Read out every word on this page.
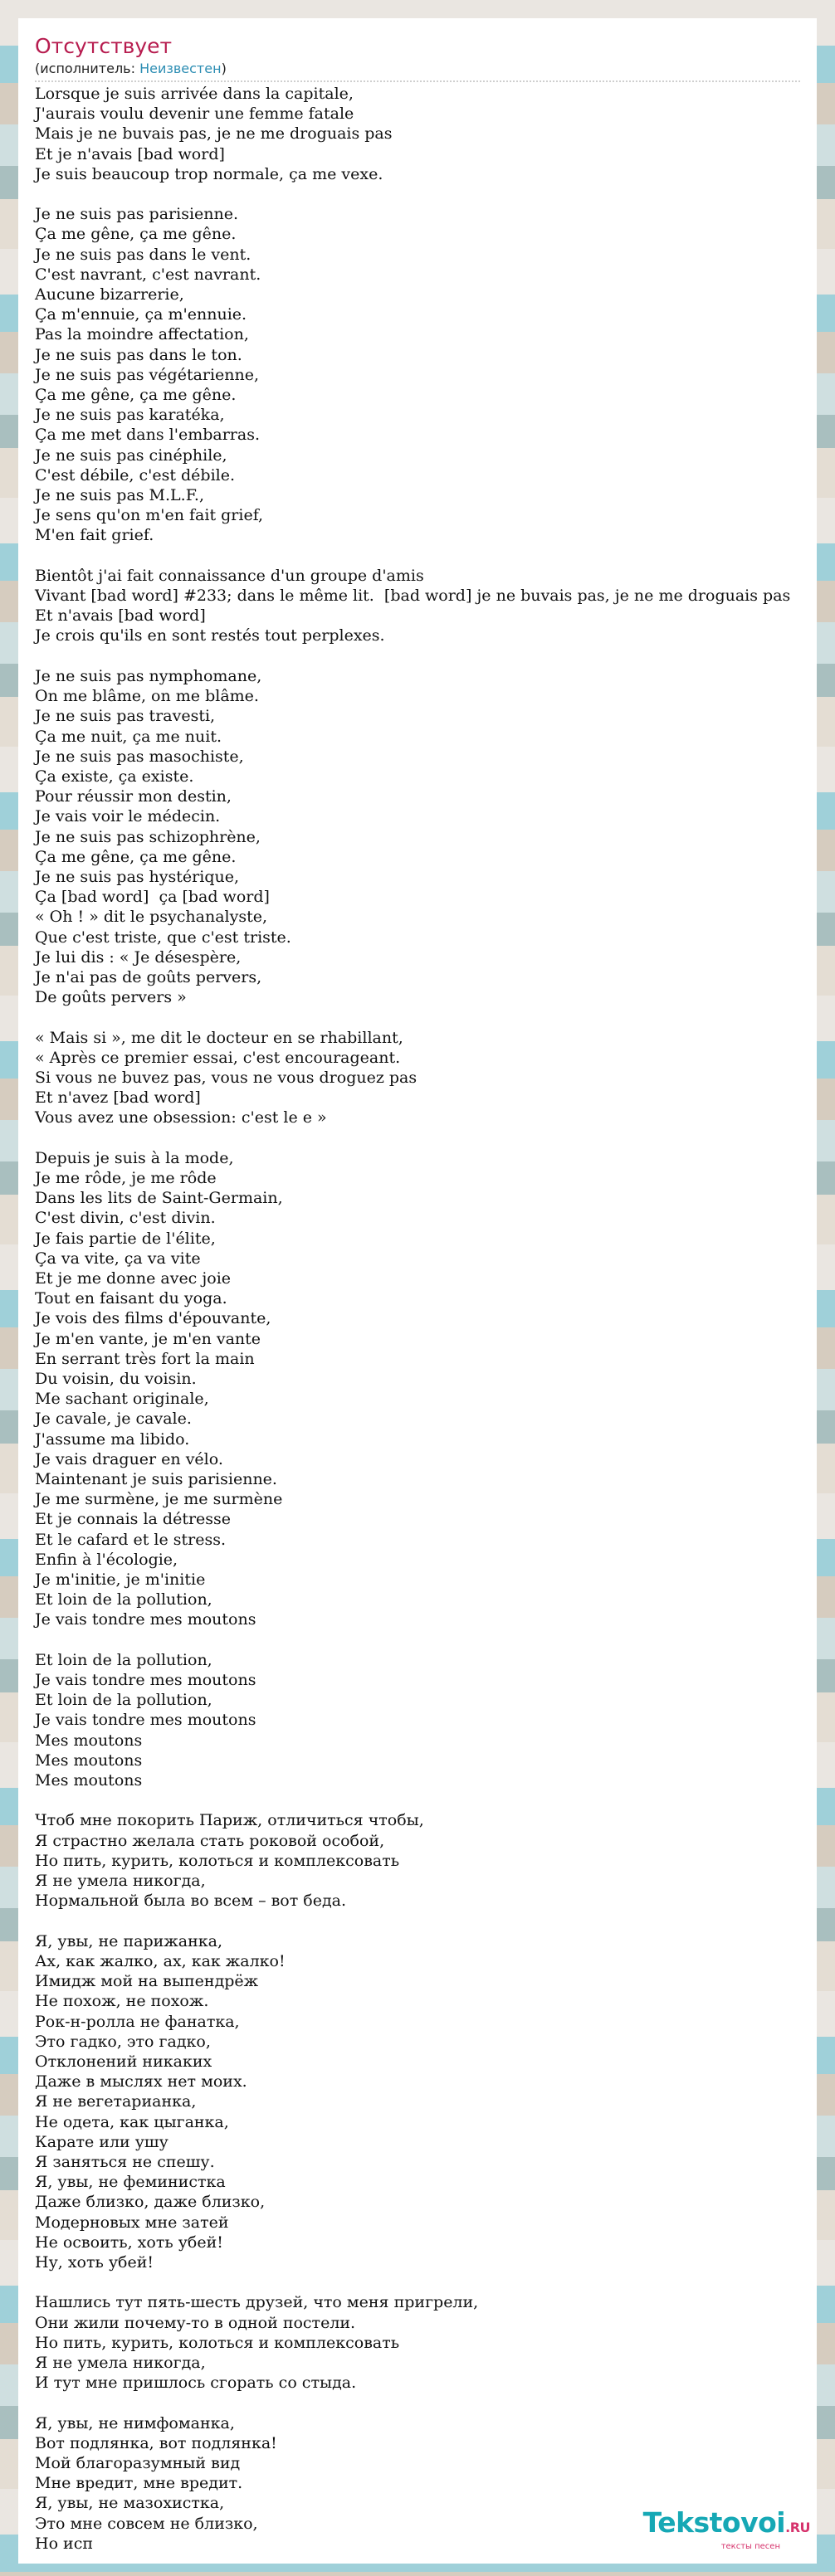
Отсутствует
(исполнитель: Неизвестен)
Lorsque je suis arrivée dans la capitale,
J'aurais voulu devenir une femme fatale
Mais je ne buvais pas, je ne me droguais pas
Et je n'avais [bad word]
Je suis beaucoup trop normale, ça me vexe.

Je ne suis pas parisienne.
Ça me gêne, ça me gêne.
Je ne suis pas dans le vent.
C'est navrant, c'est navrant.
Aucune bizarrerie,
Ça m'ennuie, ça m'ennuie.
Pas la moindre affectation,
Je ne suis pas dans le ton.
Je ne suis pas végétarienne,
Ça me gêne, ça me gêne.
Je ne suis pas karatéka,
Ça me met dans l'embarras.
Je ne suis pas cinéphile,
C'est débile, c'est débile.
Je ne suis pas M.L.F.,
Je sens qu'on m'en fait grief,
M'en fait grief.

Bientôt j'ai fait connaissance d'un groupe d'amis
Vivant [bad word] #233; dans le même lit.  [bad word] je ne buvais pas, je ne me droguais pas
Et n'avais [bad word]
Je crois qu'ils en sont restés tout perplexes.

Je ne suis pas nymphomane,
On me blâme, on me blâme.
Je ne suis pas travesti,
Ça me nuit, ça me nuit.
Je ne suis pas masochiste,
Ça existe, ça existe.
Pour réussir mon destin,
Je vais voir le médecin.
Je ne suis pas schizophrène,
Ça me gêne, ça me gêne.
Je ne suis pas hystérique,
Ça [bad word]  ça [bad word]
« Oh ! » dit le psychanalyste,
Que c'est triste, que c'est triste.
Je lui dis : « Je désespère,
Je n'ai pas de goûts pervers,
De goûts pervers »

« Mais si », me dit le docteur en se rhabillant,
« Après ce premier essai, c'est encourageant.
Si vous ne buvez pas, vous ne vous droguez pas
Et n'avez [bad word]
Vous avez une obsession: c'est le e »

Depuis je suis à la mode,
Je me rôde, je me rôde
Dans les lits de Saint-Germain,
C'est divin, c'est divin.
Je fais partie de l'élite,
Ça va vite, ça va vite
Et je me donne avec joie
Tout en faisant du yoga.
Je vois des films d'épouvante,
Je m'en vante, je m'en vante
En serrant très fort la main
Du voisin, du voisin.
Me sachant originale,
Je cavale, je cavale.
J'assume ma libido.
Je vais draguer en vélo.
Maintenant je suis parisienne.
Je me surmène, je me surmène
Et je connais la détresse
Et le cafard et le stress.
Enfin à l'écologie,
Je m'initie, je m'initie
Et loin de la pollution,
Je vais tondre mes moutons

Et loin de la pollution,
Je vais tondre mes moutons
Et loin de la pollution,
Je vais tondre mes moutons
Mes moutons
Mes moutons
Mes moutons

Чтоб мне покорить Париж, отличиться чтобы,
Я страстно желала стать роковой особой,
Но пить, курить, колоться и комплексовать
Я не умела никогда,
Нормальной была во всем – вот беда.

Я, увы, не парижанка,
Ах, как жалко, ах, как жалко!
Имидж мой на выпендрёж
Не похож, не похож.
Рок-н-ролла не фанатка,
Это гадко, это гадко,
Отклонений никаких
Даже в мыслях нет моих.
Я не вегетарианка,
Не одета, как цыганка,
Карате или ушу
Я заняться не спешу.
Я, увы, не феминистка
Даже близко, даже близко,
Модерновых мне затей
Не освоить, хоть убей!
Ну, хоть убей!

Нашлись тут пять-шесть друзей, что меня пригрели,
Они жили почему-то в одной постели.
Но пить, курить, колоться и комплексовать
Я не умела никогда,
И тут мне пришлось сгорать со стыда.

Я, увы, не нимфоманка,
Вот подлянка, вот подлянка!
Мой благоразумный вид
Мне вредит, мне вредит.
Я, увы, не мазохистка,
Это мне совсем не близко,
Но исп
Tekstovoi.RU
тексты песен
